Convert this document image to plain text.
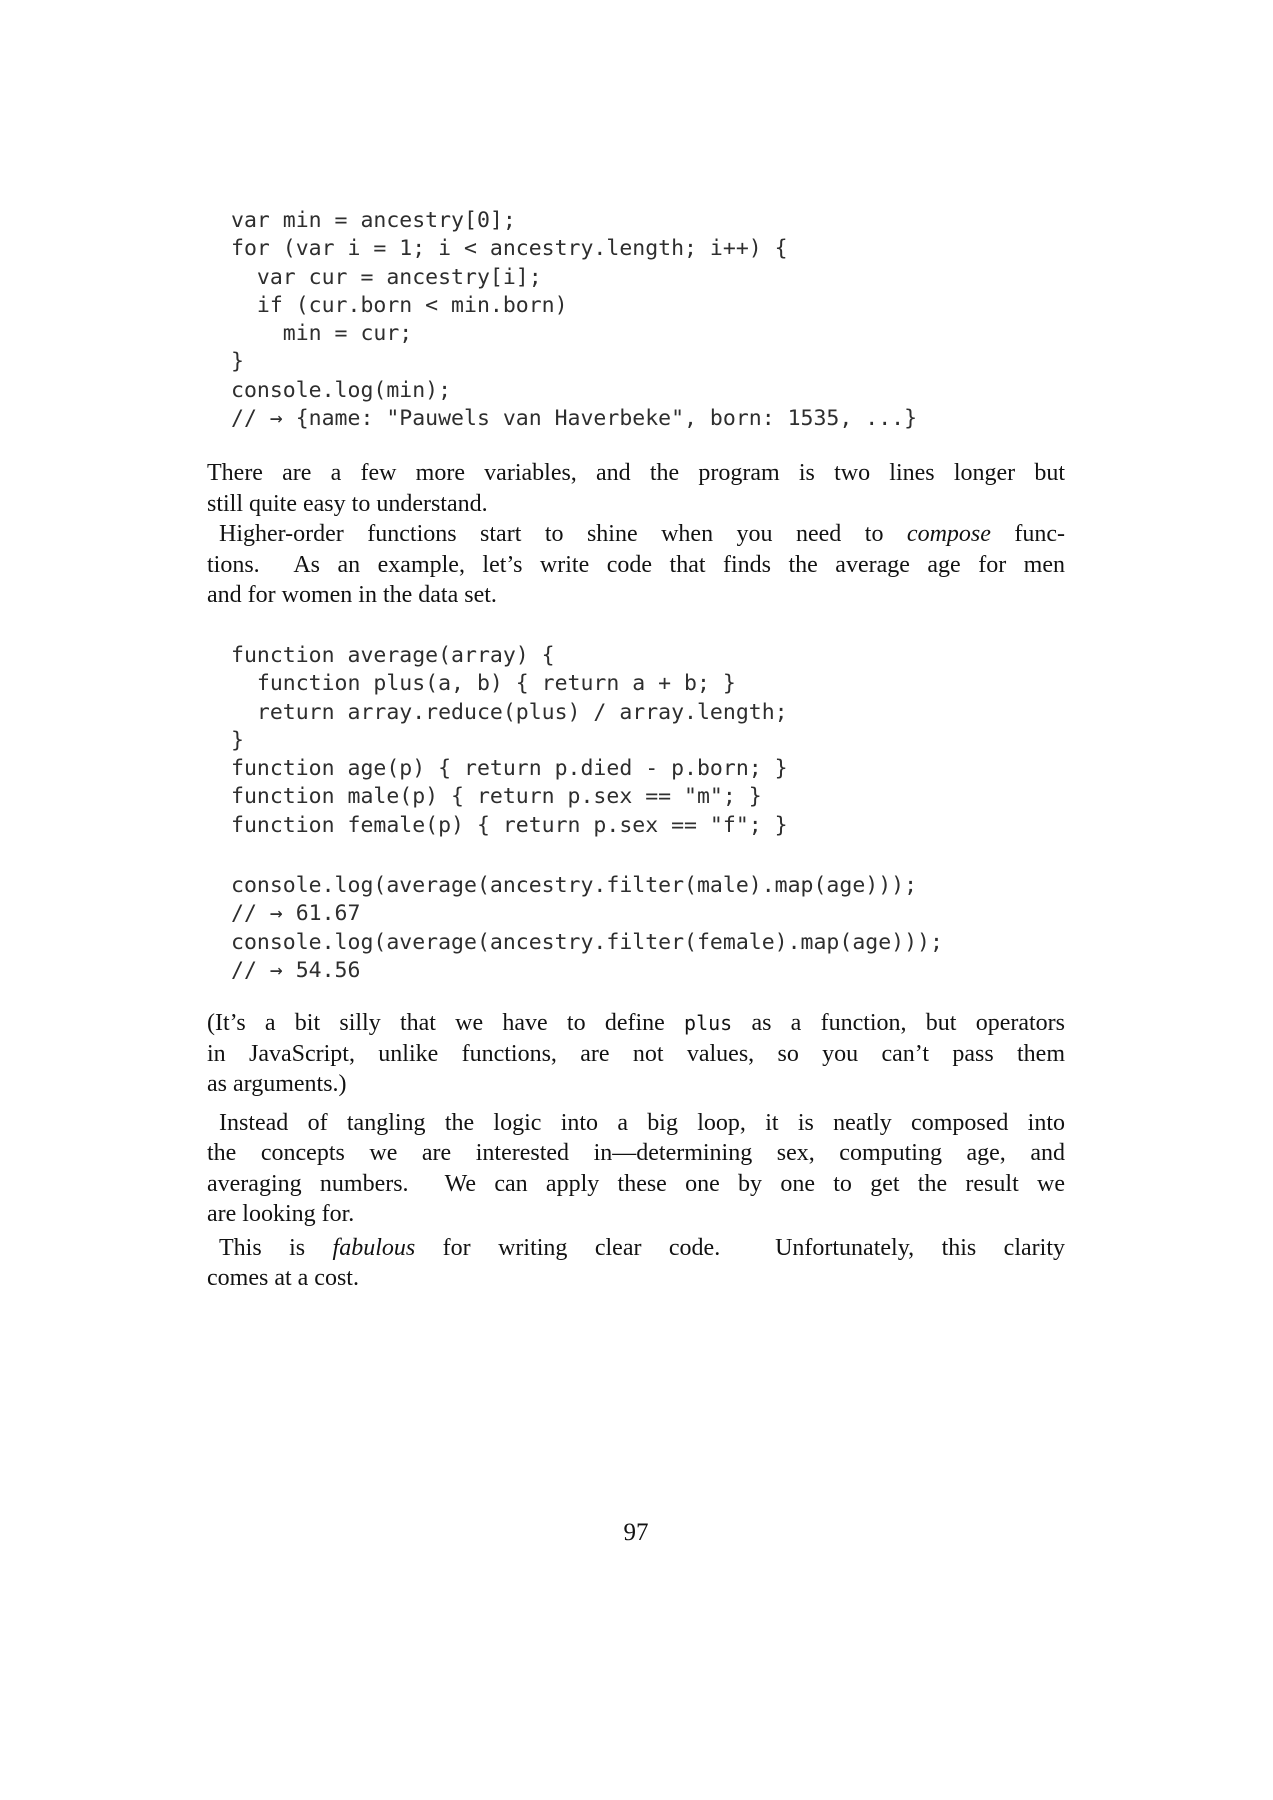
var min = ancestry[0];
for (var i = 1; i < ancestry.length; i++) {
var cur = ancestry[i];
if (cur.born < min.born)
min = cur;
}
console.log(min);
// → {name: "Pauwels van Haverbeke", born: 1535, ...}
There are a few more variables, and the program is two lines longer but
still quite easy to understand.
Higher-order functions start to shine when you need to compose func-
tions.  As an example, let’s write code that finds the average age for men
and for women in the data set.
function average(array) {
function plus(a, b) { return a + b; }
return array.reduce(plus) / array.length;
}
function age(p) { return p.died - p.born; }
function male(p) { return p.sex == "m"; }
function female(p) { return p.sex == "f"; }

console.log(average(ancestry.filter(male).map(age)));
// → 61.67
console.log(average(ancestry.filter(female).map(age)));
// → 54.56
(It’s a bit silly that we have to define plus as a function, but operators
in JavaScript, unlike functions, are not values, so you can’t pass them
as arguments.)
Instead of tangling the logic into a big loop, it is neatly composed into
the concepts we are interested in—determining sex, computing age, and
averaging numbers.  We can apply these one by one to get the result we
are looking for.
This is fabulous for writing clear code.  Unfortunately, this clarity
comes at a cost.
97
